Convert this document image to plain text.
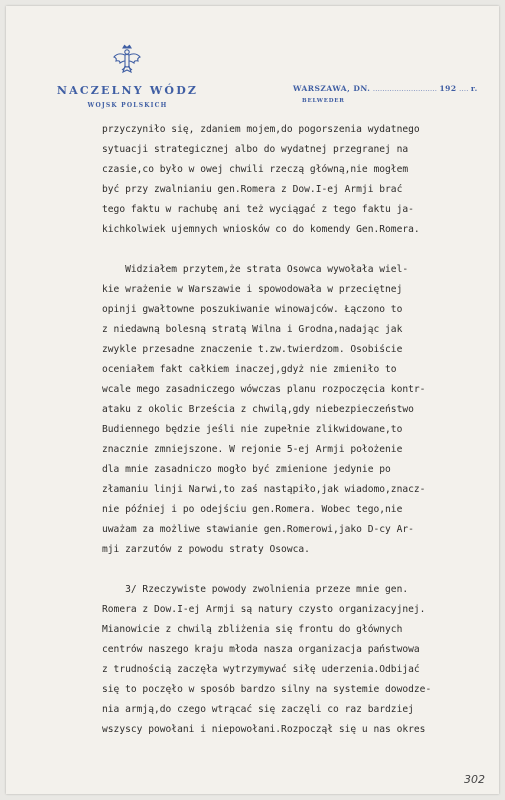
NACZELNY WÓDZ
WOJSK POLSKICH
WARSZAWA, DN. ........................... 192 .... r.
BELWEDER
przyczyniło się, zdaniem mojem,do pogorszenia wydatnego
sytuacji strategicznej albo do wydatnej przegranej na
czasie,co było w owej chwili rzeczą główną,nie mogłem
być przy zwalnianiu gen.Romera z Dow.I-ej Armji brać
tego faktu w rachubę ani też wyciągać z tego faktu ja-
kichkolwiek ujemnych wniosków co do komendy Gen.Romera.
Widziałem przytem,że strata Osowca wywołała wiel-
kie wrażenie w Warszawie i spowodowała w przeciętnej
opinji gwałtowne poszukiwanie winowajców. Łączono to
z niedawną bolesną stratą Wilna i Grodna,nadając jak
zwykle przesadne znaczenie t.zw.twierdzom. Osobiście
oceniałem fakt całkiem inaczej,gdyż nie zmieniło to
wcale mego zasadniczego wówczas planu rozpoczęcia kontr-
ataku z okolic Brześcia z chwilą,gdy niebezpieczeństwo
Budiennego będzie jeśli nie zupełnie zlikwidowane,to
znacznie zmniejszone. W rejonie 5-ej Armji położenie
dla mnie zasadniczo mogło być zmienione jedynie po
złamaniu linji Narwi,to zaś nastąpiło,jak wiadomo,znacz-
nie później i po odejściu gen.Romera. Wobec tego,nie
uważam za możliwe stawianie gen.Romerowi,jako D-cy Ar-
mji zarzutów z powodu straty Osowca.
3/ Rzeczywiste powody zwolnienia przeze mnie gen.
Romera z Dow.I-ej Armji są natury czysto organizacyjnej.
Mianowicie z chwilą zbliżenia się frontu do głównych
centrów naszego kraju młoda nasza organizacja państwowa
z trudnością zaczęła wytrzymywać siłę uderzenia.Odbijać
się to poczęło w sposób bardzo silny na systemie dowodze-
nia armją,do czego wtrącać się zaczęli co raz bardziej
wszyscy powołani i niepowołani.Rozpoczął się u nas okres
302
